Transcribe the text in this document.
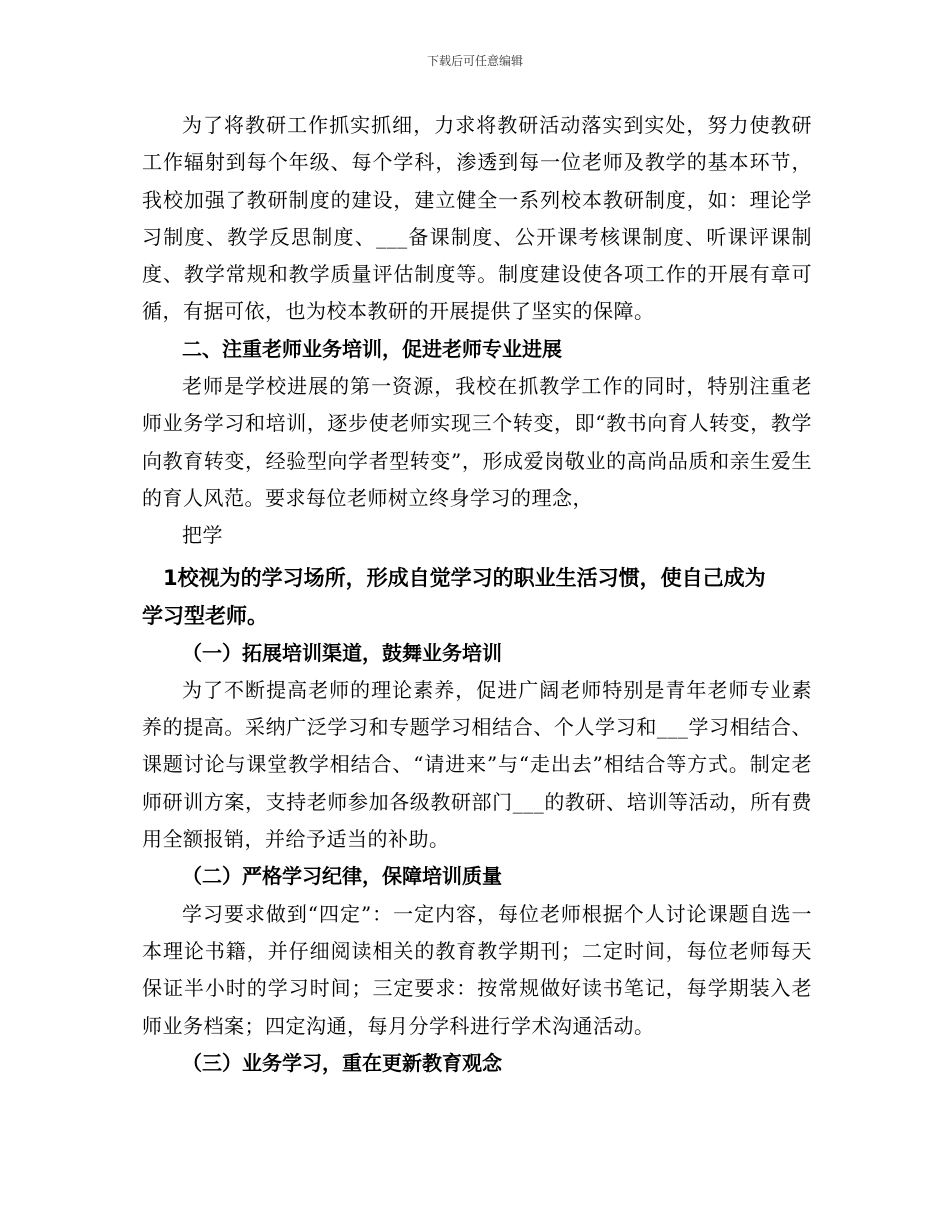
下载后可任意编辑

为了将教研工作抓实抓细，力求将教研活动落实到实处，努力使教研工作辐射到每个年级、每个学科，渗透到每一位老师及教学的基本环节，我校加强了教研制度的建设，建立健全一系列校本教研制度，如：理论学习制度、教学反思制度、___备课制度、公开课考核课制度、听课评课制度、教学常规和教学质量评估制度等。制度建设使各项工作的开展有章可循，有据可依，也为校本教研的开展提供了坚实的保障。

二、注重老师业务培训，促进老师专业进展

老师是学校进展的第一资源，我校在抓教学工作的同时，特别注重老师业务学习和培训，逐步使老师实现三个转变，即“教书向育人转变，教学向教育转变，经验型向学者型转变”，形成爱岗敬业的高尚品质和亲生爱生的育人风范。要求每位老师树立终身学习的理念，

把学

1校视为的学习场所，形成自觉学习的职业生活习惯，使自己成为
学习型老师。

（一）拓展培训渠道，鼓舞业务培训

为了不断提高老师的理论素养，促进广阔老师特别是青年老师专业素养的提高。采纳广泛学习和专题学习相结合、个人学习和___学习相结合、课题讨论与课堂教学相结合、“请进来”与“走出去”相结合等方式。制定老师研训方案，支持老师参加各级教研部门___的教研、培训等活动，所有费用全额报销，并给予适当的补助。

（二）严格学习纪律，保障培训质量

学习要求做到“四定”：一定内容，每位老师根据个人讨论课题自选一本理论书籍，并仔细阅读相关的教育教学期刊；二定时间，每位老师每天保证半小时的学习时间；三定要求：按常规做好读书笔记，每学期装入老师业务档案；四定沟通，每月分学科进行学术沟通活动。

（三）业务学习，重在更新教育观念
